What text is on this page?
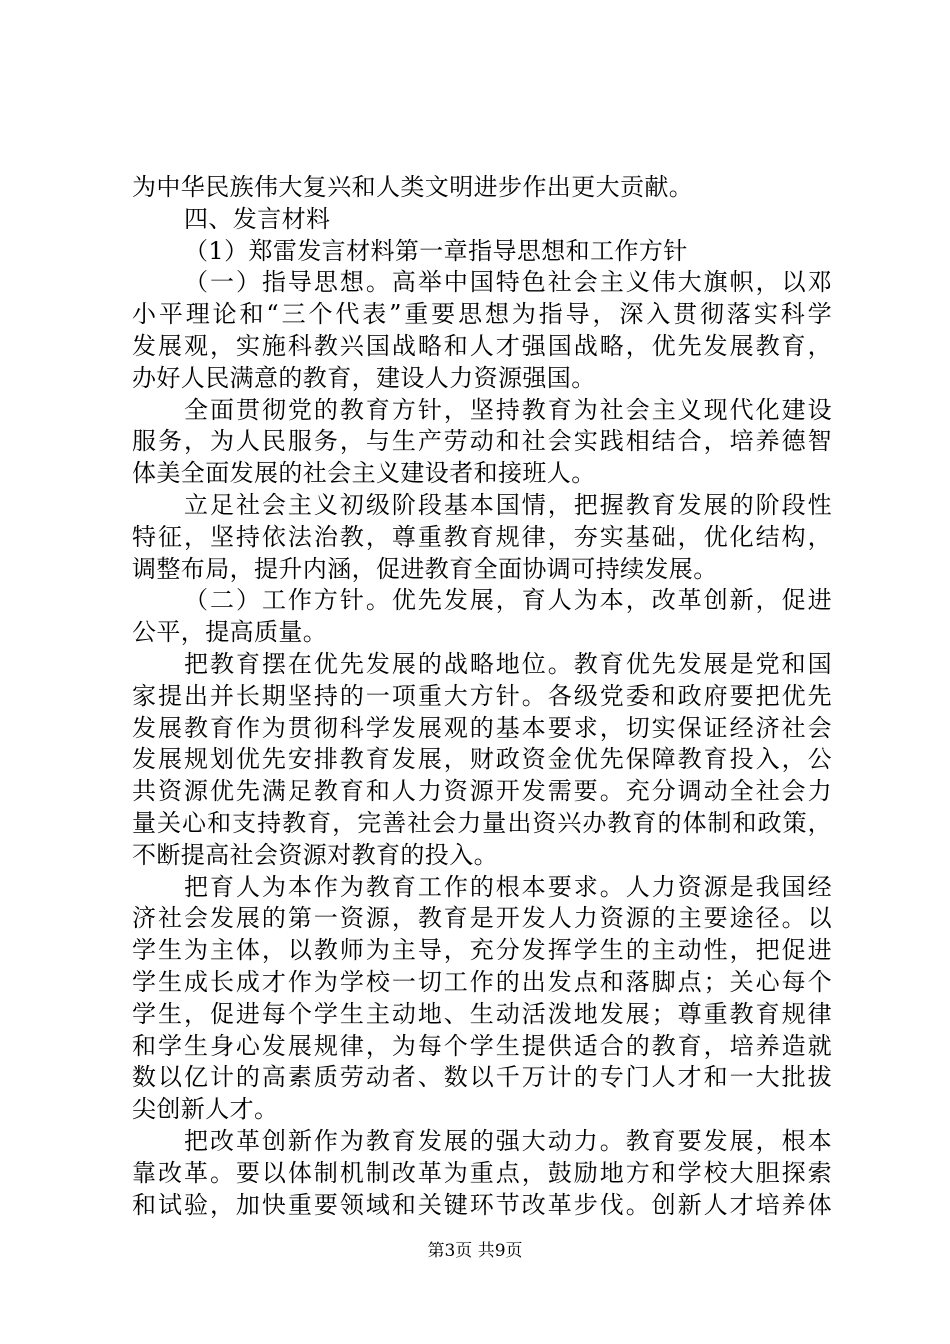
为中华民族伟大复兴和人类文明进步作出更大贡献。
四、发言材料
（1）郑雷发言材料第一章指导思想和工作方针
（一）指导思想。高举中国特色社会主义伟大旗帜，以邓
小平理论和“三个代表”重要思想为指导，深入贯彻落实科学
发展观，实施科教兴国战略和人才强国战略，优先发展教育，
办好人民满意的教育，建设人力资源强国。
全面贯彻党的教育方针，坚持教育为社会主义现代化建设
服务，为人民服务，与生产劳动和社会实践相结合，培养德智
体美全面发展的社会主义建设者和接班人。
立足社会主义初级阶段基本国情，把握教育发展的阶段性
特征，坚持依法治教，尊重教育规律，夯实基础，优化结构，
调整布局，提升内涵，促进教育全面协调可持续发展。
（二）工作方针。优先发展，育人为本，改革创新，促进
公平，提高质量。
把教育摆在优先发展的战略地位。教育优先发展是党和国
家提出并长期坚持的一项重大方针。各级党委和政府要把优先
发展教育作为贯彻科学发展观的基本要求，切实保证经济社会
发展规划优先安排教育发展，财政资金优先保障教育投入，公
共资源优先满足教育和人力资源开发需要。充分调动全社会力
量关心和支持教育，完善社会力量出资兴办教育的体制和政策，
不断提高社会资源对教育的投入。
把育人为本作为教育工作的根本要求。人力资源是我国经
济社会发展的第一资源，教育是开发人力资源的主要途径。以
学生为主体，以教师为主导，充分发挥学生的主动性，把促进
学生成长成才作为学校一切工作的出发点和落脚点；关心每个
学生，促进每个学生主动地、生动活泼地发展；尊重教育规律
和学生身心发展规律，为每个学生提供适合的教育，培养造就
数以亿计的高素质劳动者、数以千万计的专门人才和一大批拔
尖创新人才。
把改革创新作为教育发展的强大动力。教育要发展，根本
靠改革。要以体制机制改革为重点，鼓励地方和学校大胆探索
和试验，加快重要领域和关键环节改革步伐。创新人才培养体
第3页 共9页
